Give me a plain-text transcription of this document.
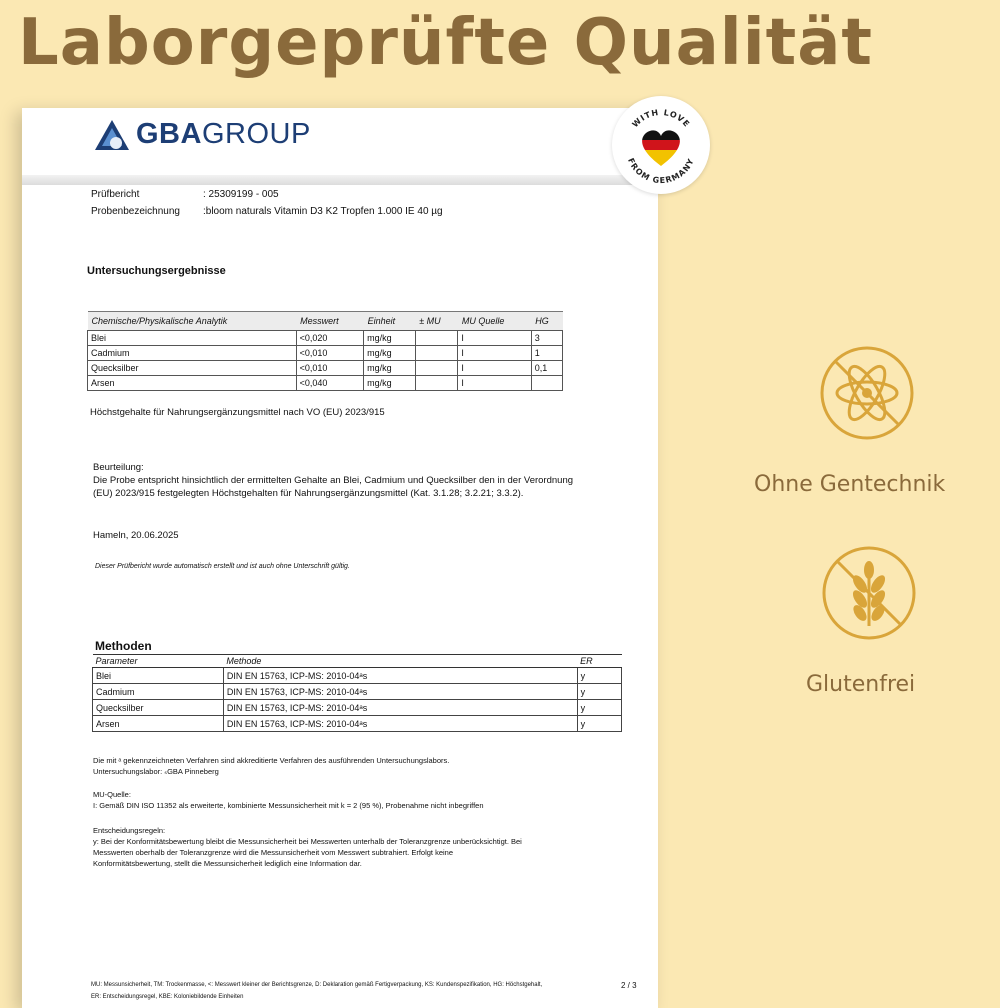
Laborgeprüfte Qualität
GBAGROUP
Prüfbericht	: 25309199 - 005
Probenbezeichnung :bloom naturals Vitamin D3 K2 Tropfen 1.000 IE 40 µg
Untersuchungsergebnisse
Chemische/Physikalische Analytik	Messwert	Einheit	± MU	MU Quelle	HG
Blei	<0,020	mg/kg		I	3
Cadmium	<0,010	mg/kg		I	1
Quecksilber	<0,010	mg/kg		I	0,1
Arsen	<0,040	mg/kg		I	
Höchstgehalte für Nahrungsergänzungsmittel nach VO (EU) 2023/915
Beurteilung:
Die Probe entspricht hinsichtlich der ermittelten Gehalte an Blei, Cadmium und Quecksilber den in der Verordnung
(EU) 2023/915 festgelegten Höchstgehalten für Nahrungsergänzungsmittel (Kat. 3.1.28; 3.2.21; 3.3.2).
Hameln, 20.06.2025
Dieser Prüfbericht wurde automatisch erstellt und ist auch ohne Unterschrift gültig.
Methoden
Parameter	Methode	ER
Blei	DIN EN 15763, ICP-MS: 2010-04ᵃs	y
Cadmium	DIN EN 15763, ICP-MS: 2010-04ᵃs	y
Quecksilber	DIN EN 15763, ICP-MS: 2010-04ᵃs	y
Arsen	DIN EN 15763, ICP-MS: 2010-04ᵃs	y
Die mit ᵃ gekennzeichneten Verfahren sind akkreditierte Verfahren des ausführenden Untersuchungslabors.
Untersuchungslabor: ₛGBA Pinneberg
MU-Quelle:
I: Gemäß DIN ISO 11352 als erweiterte, kombinierte Messunsicherheit mit k = 2 (95 %), Probenahme nicht inbegriffen
Entscheidungsregeln:
y: Bei der Konformitätsbewertung bleibt die Messunsicherheit bei Messwerten unterhalb der Toleranzgrenze unberücksichtigt. Bei
Messwerten oberhalb der Toleranzgrenze wird die Messunsicherheit vom Messwert subtrahiert. Erfolgt keine
Konformitätsbewertung, stellt die Messunsicherheit lediglich eine Information dar.
MU: Messunsicherheit, TM: Trockenmasse, <: Messwert kleiner der Berichtsgrenze, D: Deklaration gemäß Fertigverpackung, KS: Kundenspezifikation, HG: Höchstgehalt,
ER: Entscheidungsregel, KBE: Koloniebildende Einheiten
2 / 3
WITH LOVE
FROM GERMANY
Ohne Gentechnik
Glutenfrei
